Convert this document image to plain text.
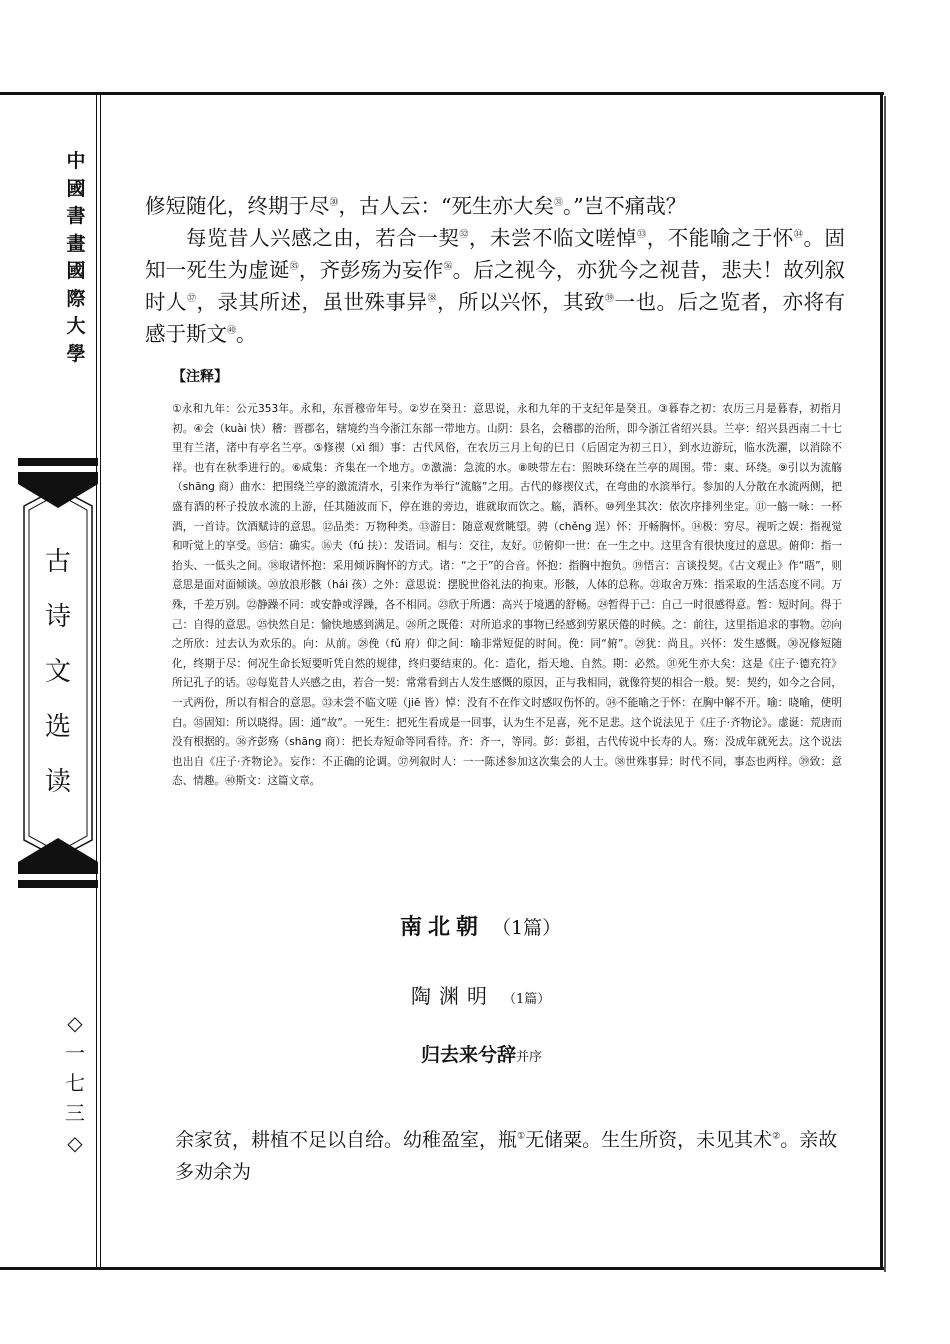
中
國
書
畫
國
際
大
學
古
诗
文
选
读
◇
一
七
三
◇

修短随化，终期于尽$^㉚$，古人云：“死生亦大矣$^㉛$。”岂不痛哉？

每览昔人兴感之由，若合一契$^㉜$，未尝不临文嗟悼$^㉝$，不能喻之于怀$^㉞$。固知一死生为虚诞$^㉟$，齐彭殇为妄作$^㊱$。后之视今，亦犹今之视昔，悲夫！故列叙时人$^㊲$，录其所述，虽世殊事异$^㊳$，所以兴怀，其致$^㊴$一也。后之览者，亦将有感于斯文$^㊵$。

【注释】
①永和九年：公元353年。永和，东晋穆帝年号。②岁在癸丑：意思说，永和九年的干支纪年是癸丑。③暮春之初：农历三月是暮春，初指月初。④会（kuài 快）稽：晋郡名，辖境约当今浙江东部一带地方。山阴：县名，会稽郡的治所，即今浙江省绍兴县。兰亭：绍兴县西南二十七里有兰渚，渚中有亭名兰亭。⑤修禊（xì 细）事：古代风俗，在农历三月上旬的巳日（后固定为初三日），到水边游玩，临水洗濯，以消除不祥。也有在秋季进行的。⑥咸集：齐集在一个地方。⑦激湍：急流的水。⑧映带左右：照映环绕在兰亭的周围。带：東、环绕。⑨引以为流觞（shāng 商）曲水：把围绕兰亭的激流清水，引来作为举行“流觞”之用。古代的修禊仪式，在弯曲的水滨举行。参加的人分散在水流两侧，把盛有酒的杯子投放水流的上游，任其随波而下，停在谁的旁边，谁就取而饮之。觞，酒杯。⑩列坐其次：依次序排列坐定。⑪一觞一咏：一杯酒，一首诗。饮酒赋诗的意思。⑫品类：万物种类。⑬游目：随意观赏眺望。骋（chěng 逞）怀：开畅胸怀。⑭极：穷尽。视听之娱：指视觉和听觉上的享受。⑮信：确实。⑯夫（fú 扶）：发语词。相与：交往，友好。⑰俯仰一世：在一生之中。这里含有很快度过的意思。俯仰：指一抬头、一低头之间。⑱取诸怀抱：采用倾诉胸怀的方式。诸：“之于”的合音。怀抱：指胸中抱负。⑲悟言：言谈投契。《古文观止》作“晤”，则意思是面对面倾谈。⑳放浪形骸（hái 孩）之外：意思说：摆脱世俗礼法的拘束。形骸，人体的总称。㉑取舍万殊：指采取的生活态度不同。万殊，千差万别。㉒静躁不同：或安静或浮躁，各不相同。㉓欣于所遇：高兴于境遇的舒畅。㉔暂得于己：自己一时很感得意。暂：短时间。得于己：自得的意思。㉕快然自足：愉快地感到满足。㉖所之既倦：对所追求的事物已经感到劳累厌倦的时候。之：前往，这里指追求的事物。㉗向之所欣：过去认为欢乐的。向：从前。㉘俛（fǔ 府）仰之间：喻非常短促的时间。俛：同“俯”。㉙犹：尚且。兴怀：发生感慨。㉚况修短随化，终期于尽：何况生命长短要听凭自然的规律，终归要结束的。化：造化，指天地、自然。期：必然。㉛死生亦大矣：这是《庄子·德充符》所记孔子的话。㉜每览昔人兴感之由，若合一契：常常看到古人发生感慨的原因，正与我相同，就像符契的相合一般。契：契约，如今之合同，一式两份，所以有相合的意思。㉝未尝不临文嗟（jiē 皆）悼：没有不在作文时感叹伤怀的。㉞不能喻之于怀：在胸中解不开。喻：晓喻，使明白。㉟固知：所以晓得。固：通“故”。一死生：把死生看成是一回事，认为生不足喜，死不足悲。这个说法见于《庄子·齐物论》。虚诞：荒唐而没有根据的。㊱齐彭殇（shāng 商）：把长寿短命等同看待。齐：齐一，等同。彭：彭祖，古代传说中长寿的人。殇：没成年就死去。这个说法也出自《庄子·齐物论》。妄作：不正确的论调。㊲列叙时人：一一陈述参加这次集会的人士。㊳世殊事异：时代不同，事态也两样。㊴致：意态、情趣。㊵斯文：这篇文章。
南北朝 （1篇）
陶渊明 （1篇）
归去来兮辞并序
余家贫，耕植不足以自给。幼稚盈室，瓶①无储粟。生生所资，未见其术②。亲故多劝余为
